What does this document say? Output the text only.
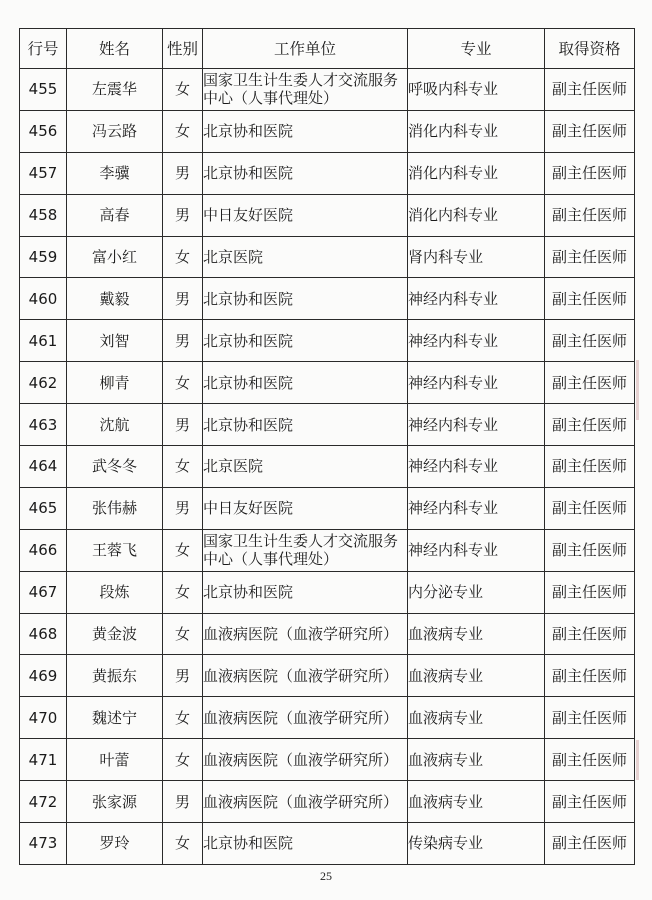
行号	姓名	性别	工作单位	专业	取得资格
455	左震华	女	国家卫生计生委人才交流服务中心（人事代理处）	呼吸内科专业	副主任医师
456	冯云路	女	北京协和医院	消化内科专业	副主任医师
457	李骥	男	北京协和医院	消化内科专业	副主任医师
458	高春	男	中日友好医院	消化内科专业	副主任医师
459	富小红	女	北京医院	肾内科专业	副主任医师
460	戴毅	男	北京协和医院	神经内科专业	副主任医师
461	刘智	男	北京协和医院	神经内科专业	副主任医师
462	柳青	女	北京协和医院	神经内科专业	副主任医师
463	沈航	男	北京协和医院	神经内科专业	副主任医师
464	武冬冬	女	北京医院	神经内科专业	副主任医师
465	张伟赫	男	中日友好医院	神经内科专业	副主任医师
466	王蓉飞	女	国家卫生计生委人才交流服务中心（人事代理处）	神经内科专业	副主任医师
467	段炼	女	北京协和医院	内分泌专业	副主任医师
468	黄金波	女	血液病医院（血液学研究所）	血液病专业	副主任医师
469	黄振东	男	血液病医院（血液学研究所）	血液病专业	副主任医师
470	魏述宁	女	血液病医院（血液学研究所）	血液病专业	副主任医师
471	叶蕾	女	血液病医院（血液学研究所）	血液病专业	副主任医师
472	张家源	男	血液病医院（血液学研究所）	血液病专业	副主任医师
473	罗玲	女	北京协和医院	传染病专业	副主任医师
25
